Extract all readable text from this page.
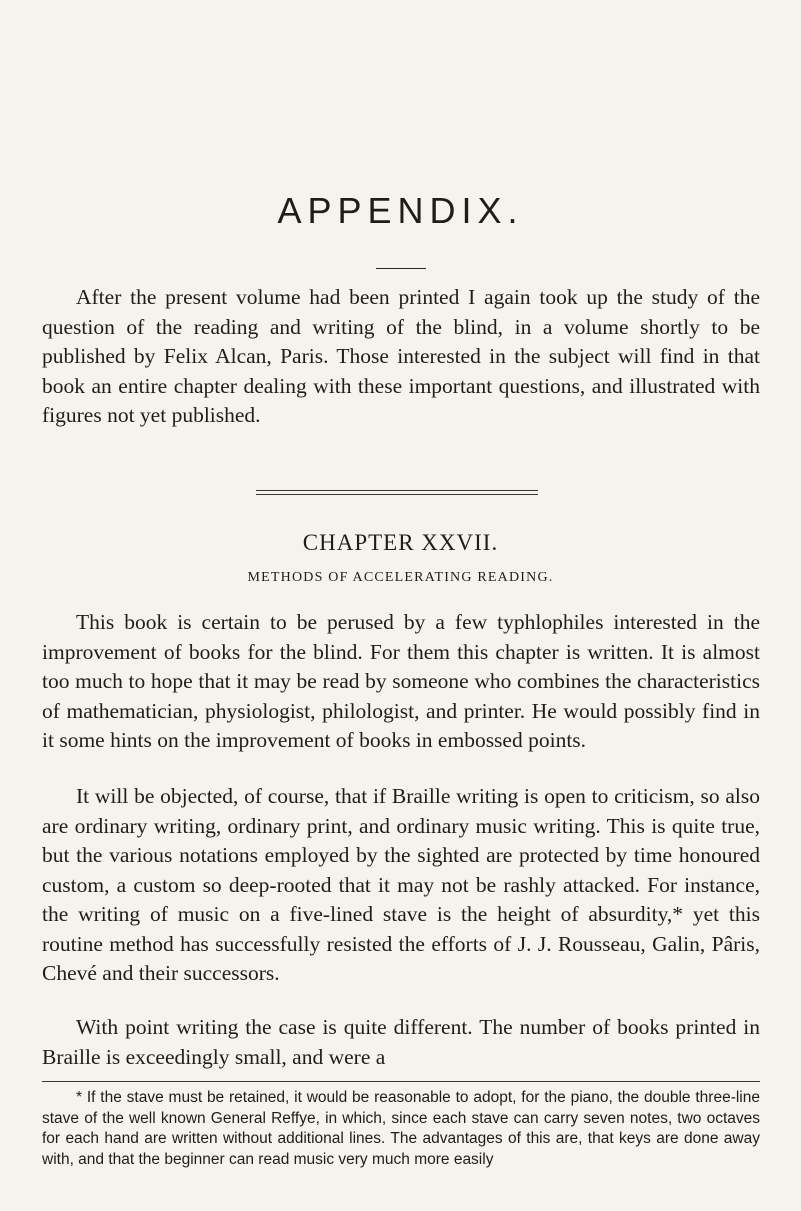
APPENDIX.

After the present volume had been printed I again took up the study of the question of the reading and writing of the blind, in a volume shortly to be published by Felix Alcan, Paris. Those interested in the subject will find in that book an entire chapter dealing with these important questions, and illustrated with figures not yet published.

CHAPTER XXVII.
METHODS OF ACCELERATING READING.

This book is certain to be perused by a few typhlophiles interested in the improvement of books for the blind. For them this chapter is written. It is almost too much to hope that it may be read by someone who combines the characteristics of mathematician, physiologist, philologist, and printer. He would possibly find in it some hints on the improvement of books in embossed points.

It will be objected, of course, that if Braille writing is open to criticism, so also are ordinary writing, ordinary print, and ordinary music writing. This is quite true, but the various notations employed by the sighted are protected by time honoured custom, a custom so deep-rooted that it may not be rashly attacked. For instance, the writing of music on a five-lined stave is the height of absurdity,* yet this routine method has successfully resisted the efforts of J. J. Rousseau, Galin, Pâris, Chevé and their successors.

With point writing the case is quite different. The number of books printed in Braille is exceedingly small, and were a

* If the stave must be retained, it would be reasonable to adopt, for the piano, the double three-line stave of the well known General Reffye, in which, since each stave can carry seven notes, two octaves for each hand are written without additional lines. The advantages of this are, that keys are done away with, and that the beginner can read music very much more easily
